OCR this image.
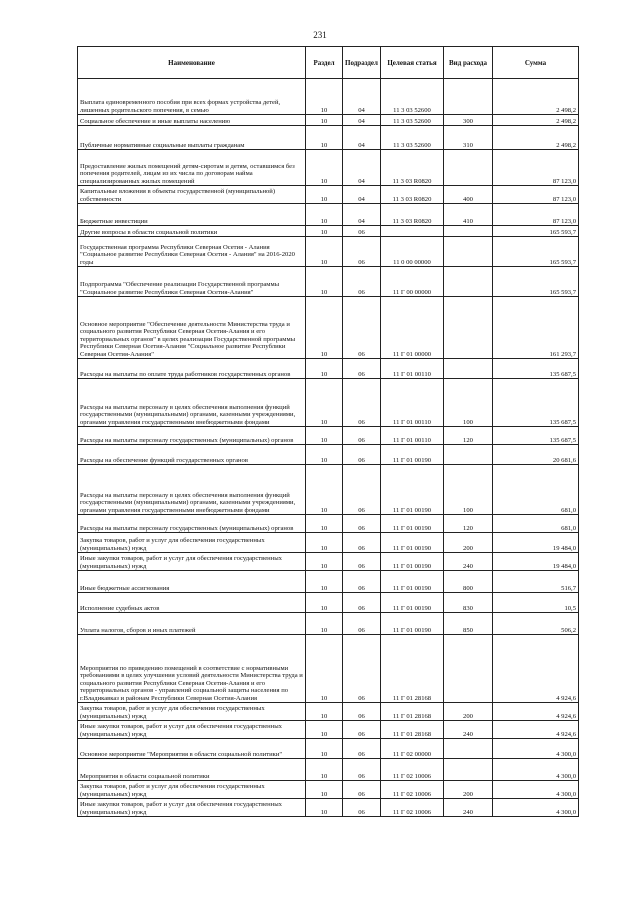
231
Наименование	Раздел	Подраздел	Целевая статья	Вид расхода	Сумма
Выплата единовременного пособия при всех формах устройства детей, лишенных родительского попечения, в семью	10	04	11 3 03 52600		2 498,2
Социальное обеспечение и иные выплаты населению	10	04	11 3 03 52600	300	2 498,2
Публичные нормативные социальные выплаты гражданам	10	04	11 3 03 52600	310	2 498,2
Предоставление жилых помещений детям-сиротам и детям, оставшимся без попечения родителей, лицам из их числа по договорам найма специализированных жилых помещений	10	04	11 3 03 R0820		87 123,0
Капитальные вложения в объекты государственной (муниципальной) собственности	10	04	11 3 03 R0820	400	87 123,0
Бюджетные инвестиции	10	04	11 3 03 R0820	410	87 123,0
Другие вопросы в области социальной политики	10	06			165 593,7
Государственная программа Республики Северная Осетия - Алания "Социальное развитие Республики Северная Осетия - Алания" на 2016-2020 годы	10	06	11 0 00 00000		165 593,7
Подпрограмма "Обеспечение реализации Государственной программы "Социальное развитие Республики Северная Осетия-Алания"	10	06	11 Г 00 00000		165 593,7
Основное мероприятие "Обеспечение деятельности Министерства труда и социального развития Республики Северная Осетия-Алания и его территориальных органов" в целях реализации Государственной программы Республики Северная Осетия-Алания "Социальное развитие Республики Северная Осетия-Алания"	10	06	11 Г 01 00000		161 293,7
Расходы на выплаты по оплате труда работников государственных органов	10	06	11 Г 01 00110		135 687,5
Расходы на выплаты персоналу в целях обеспечения выполнения функций государственными (муниципальными) органами, казенными учреждениями, органами управления государственными внебюджетными фондами	10	06	11 Г 01 00110	100	135 687,5
Расходы на выплаты персоналу государственных (муниципальных) органов	10	06	11 Г 01 00110	120	135 687,5
Расходы на обеспечение функций государственных органов	10	06	11 Г 01 00190		20 681,6
Расходы на выплаты персоналу в целях обеспечения выполнения функций государственными (муниципальными) органами, казенными учреждениями, органами управления государственными внебюджетными фондами	10	06	11 Г 01 00190	100	681,0
Расходы на выплаты персоналу государственных (муниципальных) органов	10	06	11 Г 01 00190	120	681,0
Закупка товаров, работ и услуг для обеспечения государственных (муниципальных) нужд	10	06	11 Г 01 00190	200	19 484,0
Иные закупки товаров, работ и услуг для обеспечения государственных (муниципальных) нужд	10	06	11 Г 01 00190	240	19 484,0
Иные бюджетные ассигнования	10	06	11 Г 01 00190	800	516,7
Исполнение судебных актов	10	06	11 Г 01 00190	830	10,5
Уплата налогов, сборов и иных платежей	10	06	11 Г 01 00190	850	506,2
Мероприятия по приведению помещений в соответствие с нормативными требованиями в целях улучшения условий деятельности Министерства труда и социального развития Республики Северная Осетия-Алания и его территориальных органов - управлений социальной защиты населения по г.Владикавказ и районам Республики Северная Осетия-Алания	10	06	11 Г 01 28168		4 924,6
Закупка товаров, работ и услуг для обеспечения государственных (муниципальных) нужд	10	06	11 Г 01 28168	200	4 924,6
Иные закупки товаров, работ и услуг для обеспечения государственных (муниципальных) нужд	10	06	11 Г 01 28168	240	4 924,6
Основное мероприятие "Мероприятия в области социальной политики"	10	06	11 Г 02 00000		4 300,0
Мероприятия в области социальной политики	10	06	11 Г 02 10006		4 300,0
Закупка товаров, работ и услуг для обеспечения государственных (муниципальных) нужд	10	06	11 Г 02 10006	200	4 300,0
Иные закупки товаров, работ и услуг для обеспечения государственных (муниципальных) нужд	10	06	11 Г 02 10006	240	4 300,0
